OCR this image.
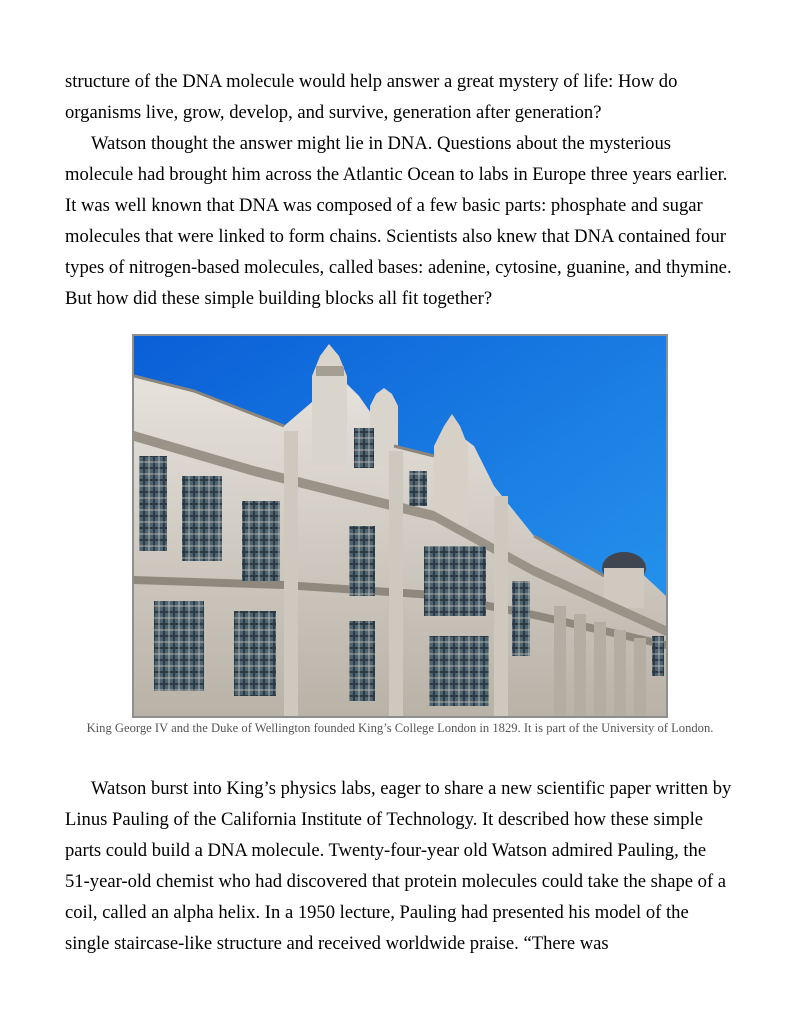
structure of the DNA molecule would help answer a great mystery of life: How do organisms live, grow, develop, and survive, generation after generation?

Watson thought the answer might lie in DNA. Questions about the mysterious molecule had brought him across the Atlantic Ocean to labs in Europe three years earlier. It was well known that DNA was composed of a few basic parts: phosphate and sugar molecules that were linked to form chains. Scientists also knew that DNA contained four types of nitrogen-based molecules, called bases: adenine, cytosine, guanine, and thymine. But how did these simple building blocks all fit together?

King George IV and the Duke of Wellington founded King’s College London in 1829. It is part of the University of London.

Watson burst into King’s physics labs, eager to share a new scientific paper written by Linus Pauling of the California Institute of Technology. It described how these simple parts could build a DNA molecule. Twenty-four-year old Watson admired Pauling, the 51-year-old chemist who had discovered that protein molecules could take the shape of a coil, called an alpha helix. In a 1950 lecture, Pauling had presented his model of the single staircase-like structure and received worldwide praise. “There was
